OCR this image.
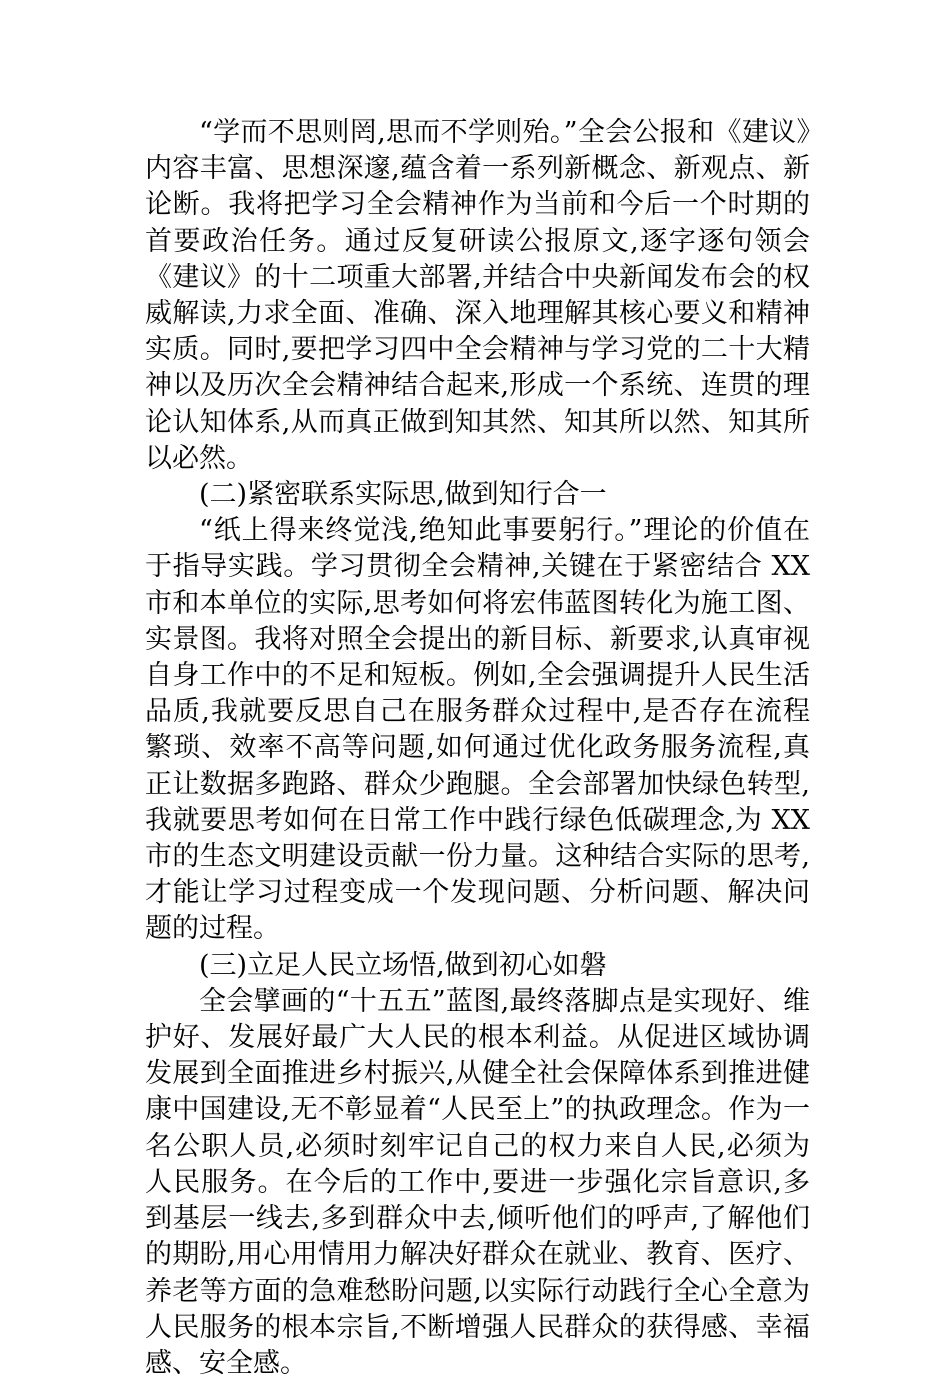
“学而不思则罔,思而不学则殆。”全会公报和《建议》内容丰富、思想深邃,蕴含着一系列新概念、新观点、新论断。我将把学习全会精神作为当前和今后一个时期的首要政治任务。通过反复研读公报原文,逐字逐句领会《建议》的十二项重大部署,并结合中央新闻发布会的权威解读,力求全面、准确、深入地理解其核心要义和精神实质。同时,要把学习四中全会精神与学习党的二十大精神以及历次全会精神结合起来,形成一个系统、连贯的理论认知体系,从而真正做到知其然、知其所以然、知其所以必然。

(二)紧密联系实际思,做到知行合一

“纸上得来终觉浅,绝知此事要躬行。”理论的价值在于指导实践。学习贯彻全会精神,关键在于紧密结合 XX 市和本单位的实际,思考如何将宏伟蓝图转化为施工图、实景图。我将对照全会提出的新目标、新要求,认真审视自身工作中的不足和短板。例如,全会强调提升人民生活品质,我就要反思自己在服务群众过程中,是否存在流程繁琐、效率不高等问题,如何通过优化政务服务流程,真正让数据多跑路、群众少跑腿。全会部署加快绿色转型,我就要思考如何在日常工作中践行绿色低碳理念,为 XX 市的生态文明建设贡献一份力量。这种结合实际的思考,才能让学习过程变成一个发现问题、分析问题、解决问题的过程。

(三)立足人民立场悟,做到初心如磐

全会擘画的“十五五”蓝图,最终落脚点是实现好、维护好、发展好最广大人民的根本利益。从促进区域协调发展到全面推进乡村振兴,从健全社会保障体系到推进健康中国建设,无不彰显着“人民至上”的执政理念。作为一名公职人员,必须时刻牢记自己的权力来自人民,必须为人民服务。在今后的工作中,要进一步强化宗旨意识,多到基层一线去,多到群众中去,倾听他们的呼声,了解他们的期盼,用心用情用力解决好群众在就业、教育、医疗、养老等方面的急难愁盼问题,以实际行动践行全心全意为人民服务的根本宗旨,不断增强人民群众的获得感、幸福感、安全感。
